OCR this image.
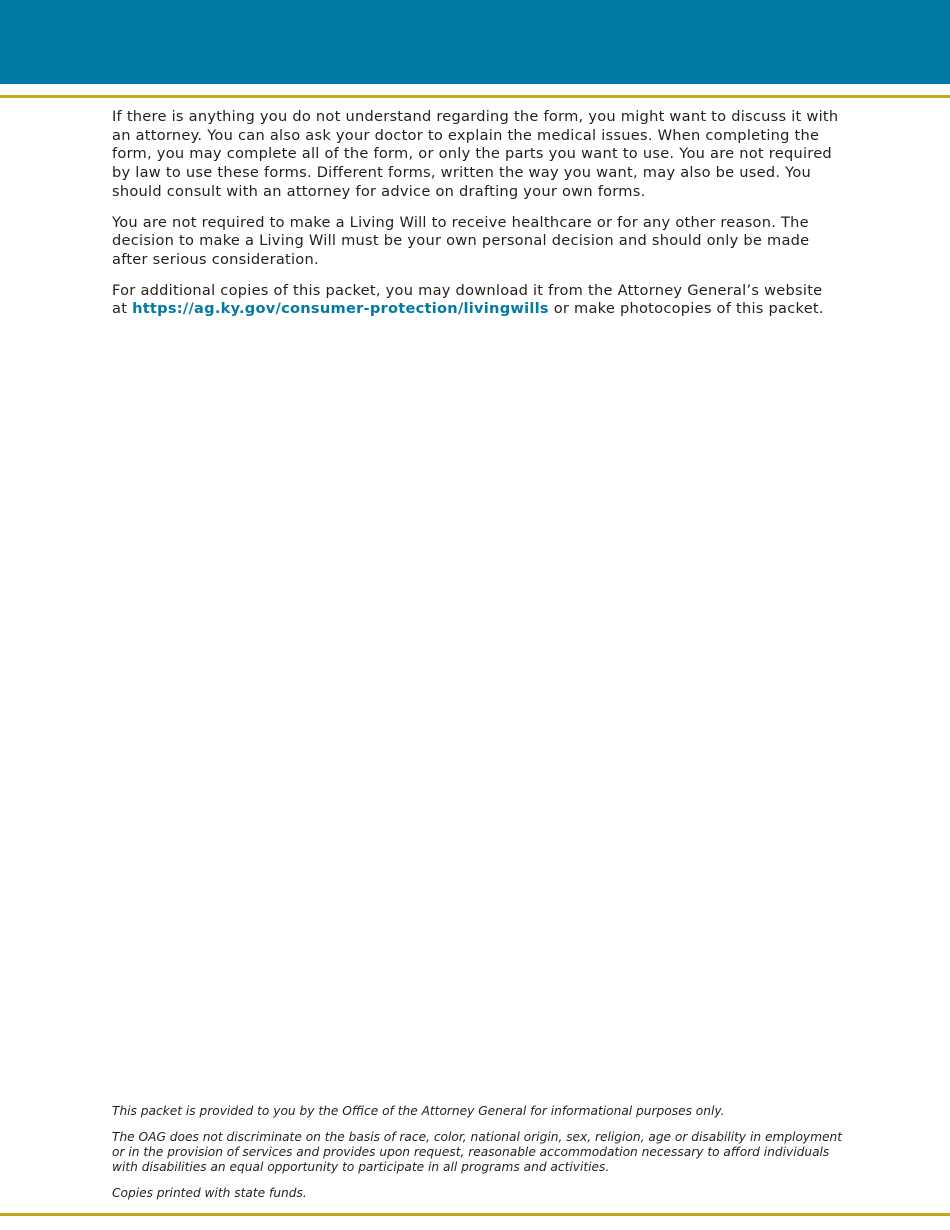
If there is anything you do not understand regarding the form, you might want to discuss it with an attorney. You can also ask your doctor to explain the medical issues. When completing the form, you may complete all of the form, or only the parts you want to use. You are not required by law to use these forms. Different forms, written the way you want, may also be used. You should consult with an attorney for advice on drafting your own forms.

You are not required to make a Living Will to receive healthcare or for any other reason. The decision to make a Living Will must be your own personal decision and should only be made after serious consideration.

For additional copies of this packet, you may download it from the Attorney General’s website at https://ag.ky.gov/consumer-protection/livingwills or make photocopies of this packet.

This packet is provided to you by the Office of the Attorney General for informational purposes only.

The OAG does not discriminate on the basis of race, color, national origin, sex, religion, age or disability in employment or in the provision of services and provides upon request, reasonable accommodation necessary to afford individuals with disabilities an equal opportunity to participate in all programs and activities.

Copies printed with state funds.
